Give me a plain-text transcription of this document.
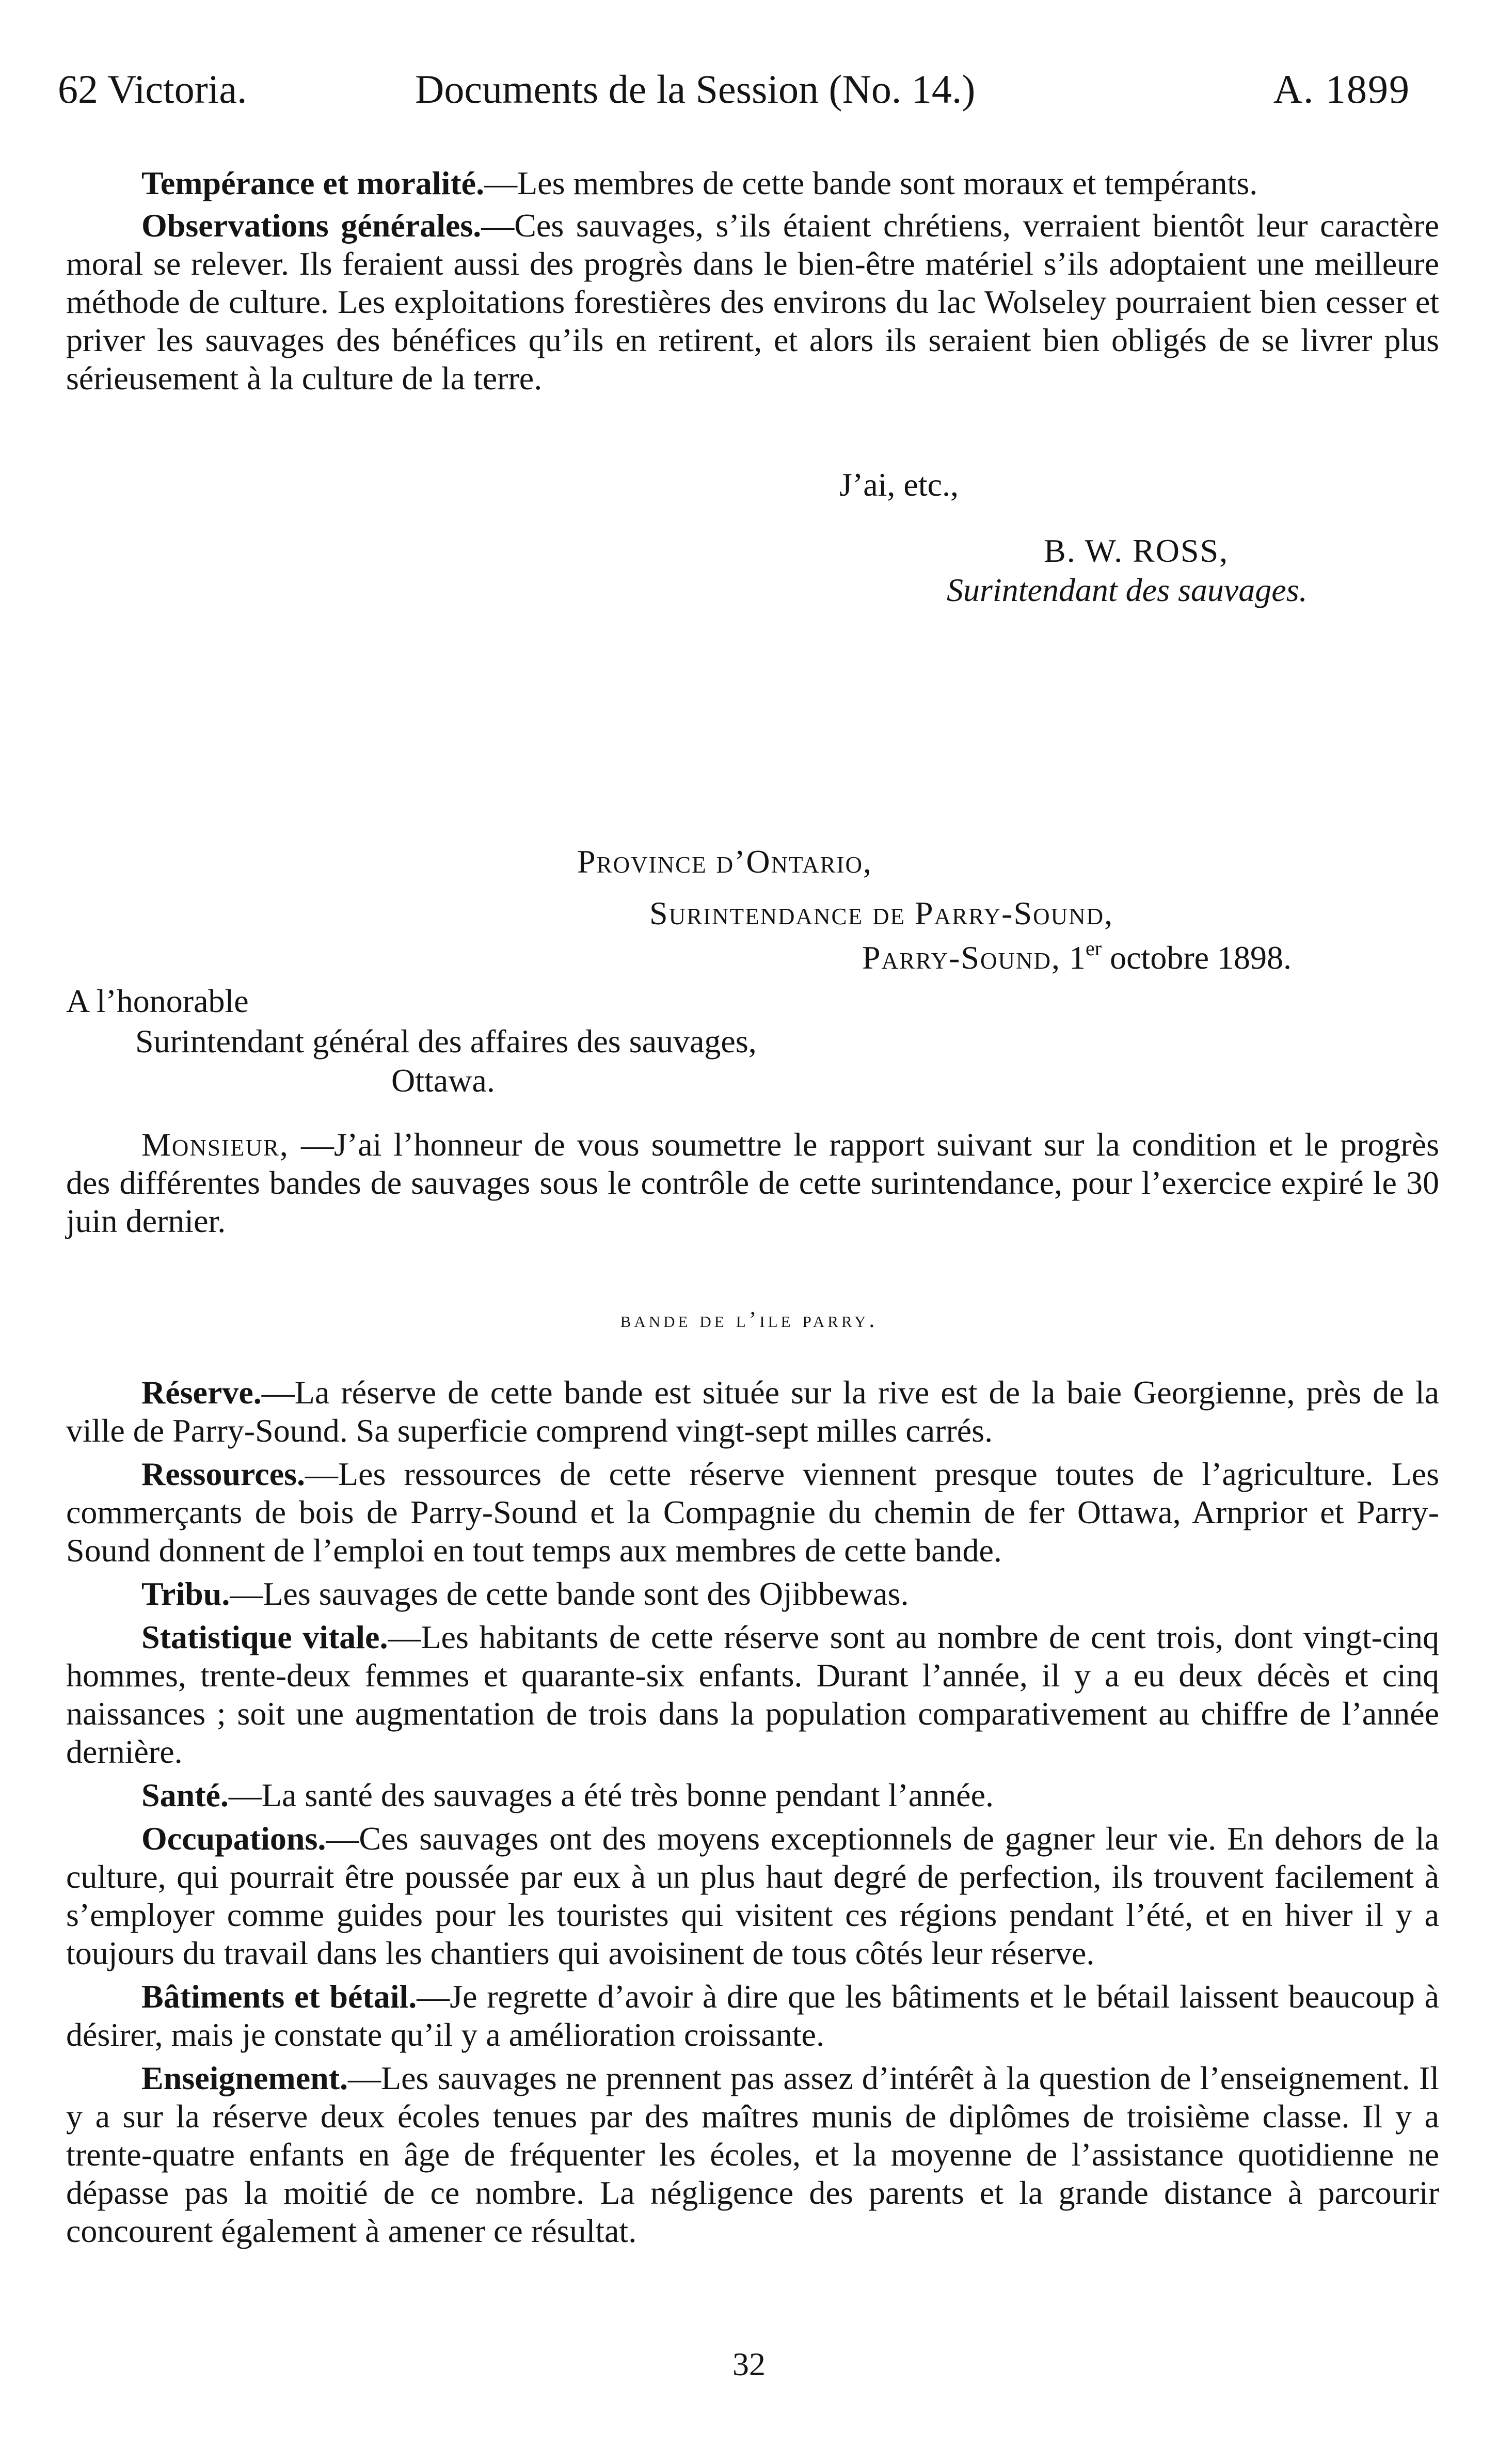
62 Victoria.	Documents de la Session (No. 14.)	A. 1899

Tempérance et moralité.—Les membres de cette bande sont moraux et tempérants.

Observations générales.—Ces sauvages, s’ils étaient chrétiens, verraient bientôt leur caractère moral se relever. Ils feraient aussi des progrès dans le bien-être matériel s’ils adoptaient une meilleure méthode de culture. Les exploitations forestières des environs du lac Wolseley pourraient bien cesser et priver les sauvages des bénéfices qu’ils en retirent, et alors ils seraient bien obligés de se livrer plus sérieusement à la culture de la terre.

J’ai, etc.,
B. W. ROSS,
Surintendant des sauvages.
Province d’Ontario,
Surintendance de Parry-Sound,
Parry-Sound, 1er octobre 1898.
A l’honorable
Surintendant général des affaires des sauvages,
Ottawa.

Monsieur, —J’ai l’honneur de vous soumettre le rapport suivant sur la condition et le progrès des différentes bandes de sauvages sous le contrôle de cette surintendance, pour l’exercice expiré le 30 juin dernier.

bande de l’ile parry.

Réserve.—La réserve de cette bande est située sur la rive est de la baie Georgienne, près de la ville de Parry-Sound. Sa superficie comprend vingt-sept milles carrés.

Ressources.—Les ressources de cette réserve viennent presque toutes de l’agriculture. Les commerçants de bois de Parry-Sound et la Compagnie du chemin de fer Ottawa, Arnprior et Parry-Sound donnent de l’emploi en tout temps aux membres de cette bande.

Tribu.—Les sauvages de cette bande sont des Ojibbewas.

Statistique vitale.—Les habitants de cette réserve sont au nombre de cent trois, dont vingt-cinq hommes, trente-deux femmes et quarante-six enfants. Durant l’année, il y a eu deux décès et cinq naissances ; soit une augmentation de trois dans la population comparativement au chiffre de l’année dernière.

Santé.—La santé des sauvages a été très bonne pendant l’année.

Occupations.—Ces sauvages ont des moyens exceptionnels de gagner leur vie. En dehors de la culture, qui pourrait être poussée par eux à un plus haut degré de perfection, ils trouvent facilement à s’employer comme guides pour les touristes qui visitent ces régions pendant l’été, et en hiver il y a toujours du travail dans les chantiers qui avoisinent de tous côtés leur réserve.

Bâtiments et bétail.—Je regrette d’avoir à dire que les bâtiments et le bétail laissent beaucoup à désirer, mais je constate qu’il y a amélioration croissante.

Enseignement.—Les sauvages ne prennent pas assez d’intérêt à la question de l’enseignement. Il y a sur la réserve deux écoles tenues par des maîtres munis de diplômes de troisième classe. Il y a trente-quatre enfants en âge de fréquenter les écoles, et la moyenne de l’assistance quotidienne ne dépasse pas la moitié de ce nombre. La négligence des parents et la grande distance à parcourir concourent également à amener ce résultat.

32
